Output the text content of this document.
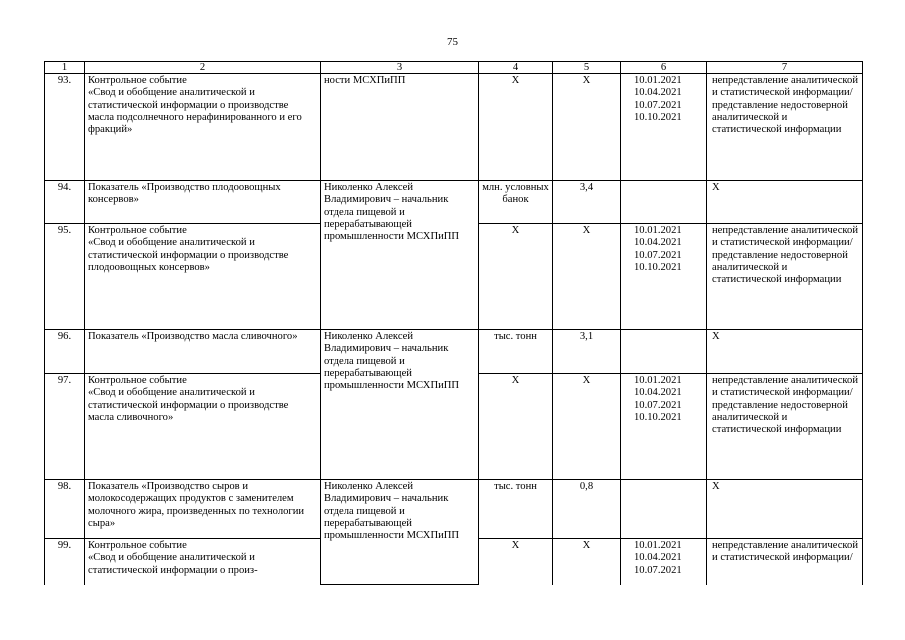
75
1	2	3	4	5	6	7
93.	Контрольное событие
«Свод и обобщение аналитической и статистической информации о производстве масла подсолнечного нерафинированного и его фракций»	ности МСХПиПП	Х	Х	10.01.2021
10.04.2021
10.07.2021
10.10.2021	непредставление аналитической и статистической информации/ представление недостоверной аналитической и статистической информации
94.	Показатель «Производство плодоовощных консервов»	Николенко Алексей Владимирович – начальник отдела пищевой и перерабатывающей промышленности МСХПиПП	млн. условных банок	3,4		Х
95.	Контрольное событие
«Свод и обобщение аналитической и статистической информации о производстве плодоовощных консервов»		Х	Х	10.01.2021
10.04.2021
10.07.2021
10.10.2021	непредставление аналитической и статистической информации/ представление недостоверной аналитической и статистической информации
96.	Показатель «Производство масла сливочного»	Николенко Алексей Владимирович – начальник отдела пищевой и перерабатывающей промышленности МСХПиПП	тыс. тонн	3,1		Х
97.	Контрольное событие
«Свод и обобщение аналитической и статистической информации о производстве масла сливочного»		Х	Х	10.01.2021
10.04.2021
10.07.2021
10.10.2021	непредставление аналитической и статистической информации/ представление недостоверной аналитической и статистической информации
98.	Показатель «Производство сыров и молокосодержащих продуктов с заменителем молочного жира, произведенных по технологии сыра»	Николенко Алексей Владимирович – начальник отдела пищевой и перерабатывающей промышленности МСХПиПП	тыс. тонн	0,8		Х
99.	Контрольное событие
«Свод и обобщение аналитической и статистической информации о произ-		Х	Х	10.01.2021
10.04.2021
10.07.2021	непредставление аналитической и статистической информации/
